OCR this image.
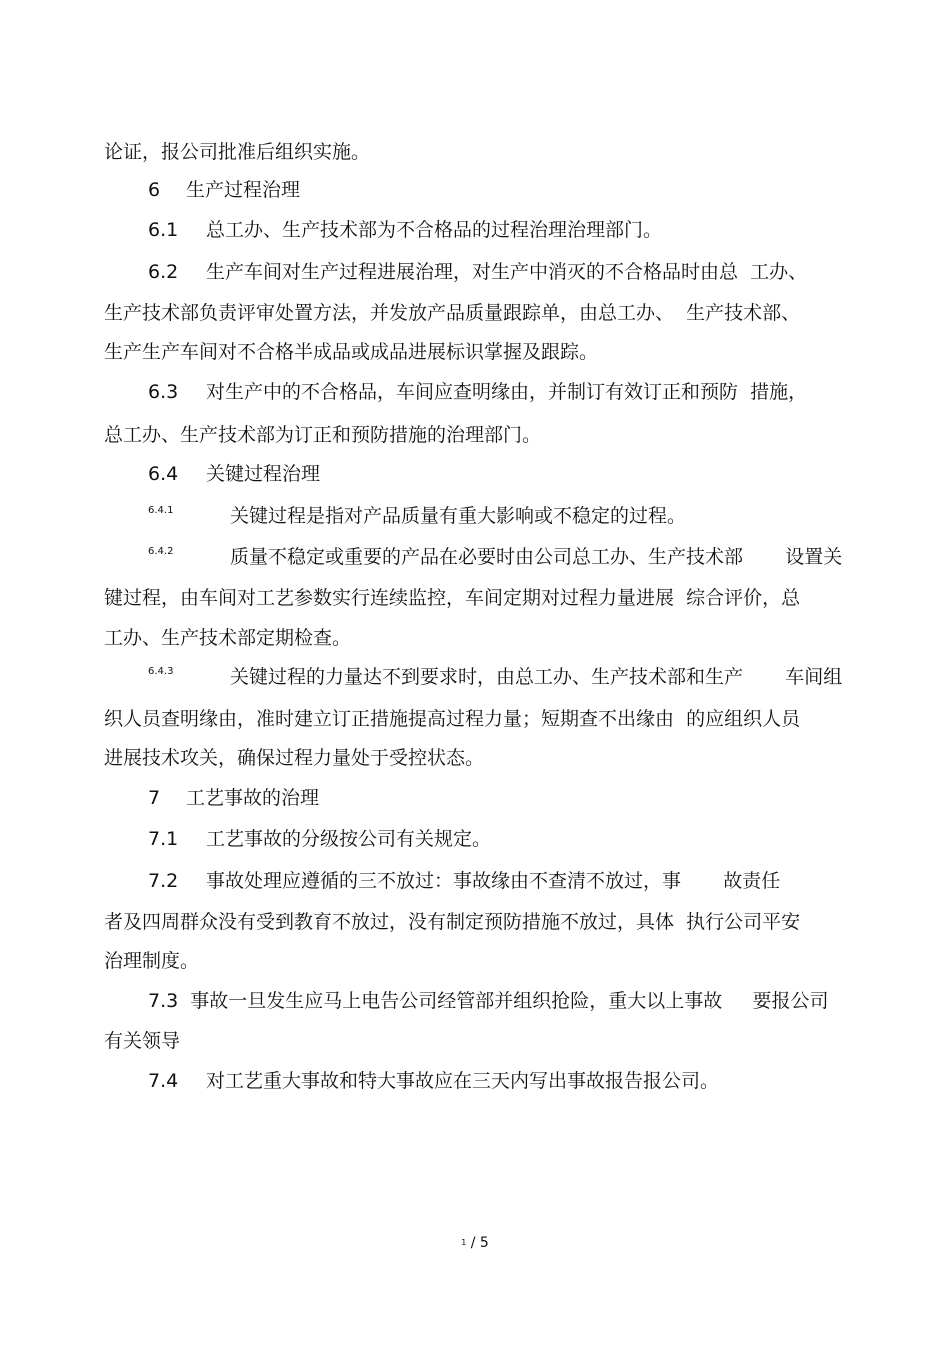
论证，报公司批准后组织实施。
6 生产过程治理
6.1 总工办、生产技术部为不合格品的过程治理治理部门。
6.2 生产车间对生产过程进展治理，对生产中消灭的不合格品时由总  工办、
生产技术部负责评审处置方法，并发放产品质量跟踪单，由总工办、  生产技术部、
生产生产车间对不合格半成品或成品进展标识掌握及跟踪。
6.3 对生产中的不合格品，车间应查明缘由，并制订有效订正和预防  措施，
总工办、生产技术部为订正和预防措施的治理部门。
6.4 关键过程治理
6.4.1	关键过程是指对产品质量有重大影响或不稳定的过程。
6.4.2	质量不稳定或重要的产品在必要时由公司总工办、生产技术部       设置关
键过程，由车间对工艺参数实行连续监控，车间定期对过程力量进展  综合评价，总
工办、生产技术部定期检查。
6.4.3	关键过程的力量达不到要求时，由总工办、生产技术部和生产       车间组
织人员查明缘由，准时建立订正措施提高过程力量；短期查不出缘由  的应组织人员
进展技术攻关，确保过程力量处于受控状态。
7 工艺事故的治理
7.1 工艺事故的分级按公司有关规定。
7.2 事故处理应遵循的三不放过：事故缘由不查清不放过，事       故责任
者及四周群众没有受到教育不放过，没有制定预防措施不放过，具体  执行公司平安
治理制度。
7.3  事故一旦发生应马上电告公司经管部并组织抢险，重大以上事故     要报公司
有关领导
7.4 对工艺重大事故和特大事故应在三天内写出事故报告报公司。
1 / 5
